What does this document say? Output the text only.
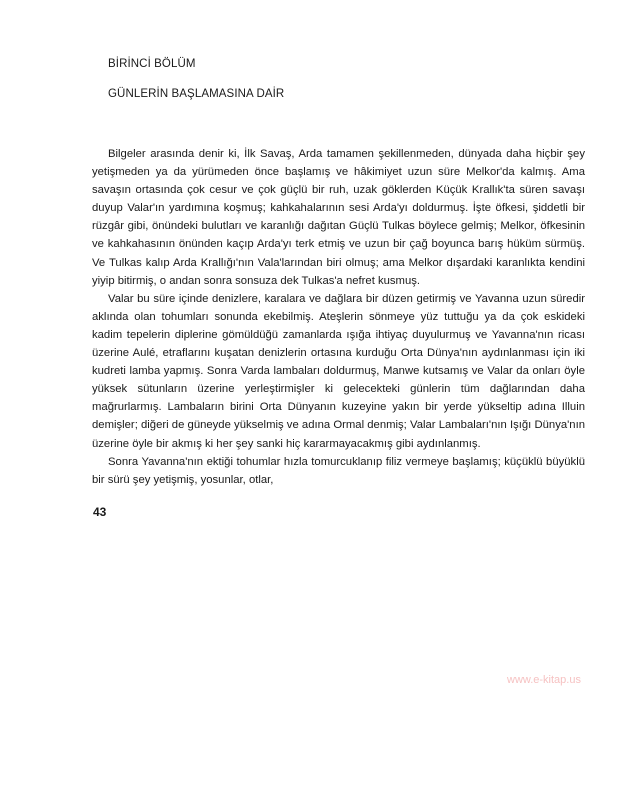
BİRİNCİ BÖLÜM
GÜNLERİN BAŞLAMASINA DAİR

Bilgeler arasında denir ki, İlk Savaş, Arda tamamen şekillenmeden, dünyada daha hiçbir şey yetişmeden ya da yürümeden önce başlamış ve hâkimiyet uzun süre Melkor'da kalmış. Ama savaşın ortasında çok cesur ve çok güçlü bir ruh, uzak göklerden Küçük Krallık'ta süren savaşı duyup Valar'ın yardımına koşmuş; kahkahalarının sesi Arda'yı doldurmuş. İşte öfkesi, şiddetli bir rüzgâr gibi, önündeki bulutları ve karanlığı dağıtan Güçlü Tulkas böylece gelmiş; Melkor, öfkesinin ve kahkahasının önünden kaçıp Arda'yı terk etmiş ve uzun bir çağ boyunca barış hüküm sürmüş. Ve Tulkas kalıp Arda Krallığı'nın Vala'larından biri olmuş; ama Melkor dışardaki karanlıkta kendini yiyip bitirmiş, o andan sonra sonsuza dek Tulkas'a nefret kusmuş.

Valar bu süre içinde denizlere, karalara ve dağlara bir düzen getirmiş ve Yavanna uzun süredir aklında olan tohumları sonunda ekebilmiş. Ateşlerin sönmeye yüz tuttuğu ya da çok eskideki kadim tepelerin diplerine gömüldüğü zamanlarda ışığa ihtiyaç duyulurmuş ve Yavanna'nın ricası üzerine Aulé, etraflarını kuşatan denizlerin ortasına kurduğu Orta Dünya'nın aydınlanması için iki kudreti lamba yapmış. Sonra Varda lambaları doldurmuş, Manwe kutsamış ve Valar da onları öyle yüksek sütunların üzerine yerleştirmişler ki gelecekteki günlerin tüm dağlarından daha mağrurlarmış. Lambaların birini Orta Dünyanın kuzeyine yakın bir yerde yükseltip adına Illuin demişler; diğeri de güneyde yükselmiş ve adına Ormal denmiş; Valar Lambaları'nın Işığı Dünya'nın üzerine öyle bir akmış ki her şey sanki hiç kararmayacakmış gibi aydınlanmış.

Sonra Yavanna'nın ektiği tohumlar hızla tomurcuklanıp filiz vermeye başlamış; küçüklü büyüklü bir sürü şey yetişmiş, yosunlar, otlar,

43
www.e-kitap.us
